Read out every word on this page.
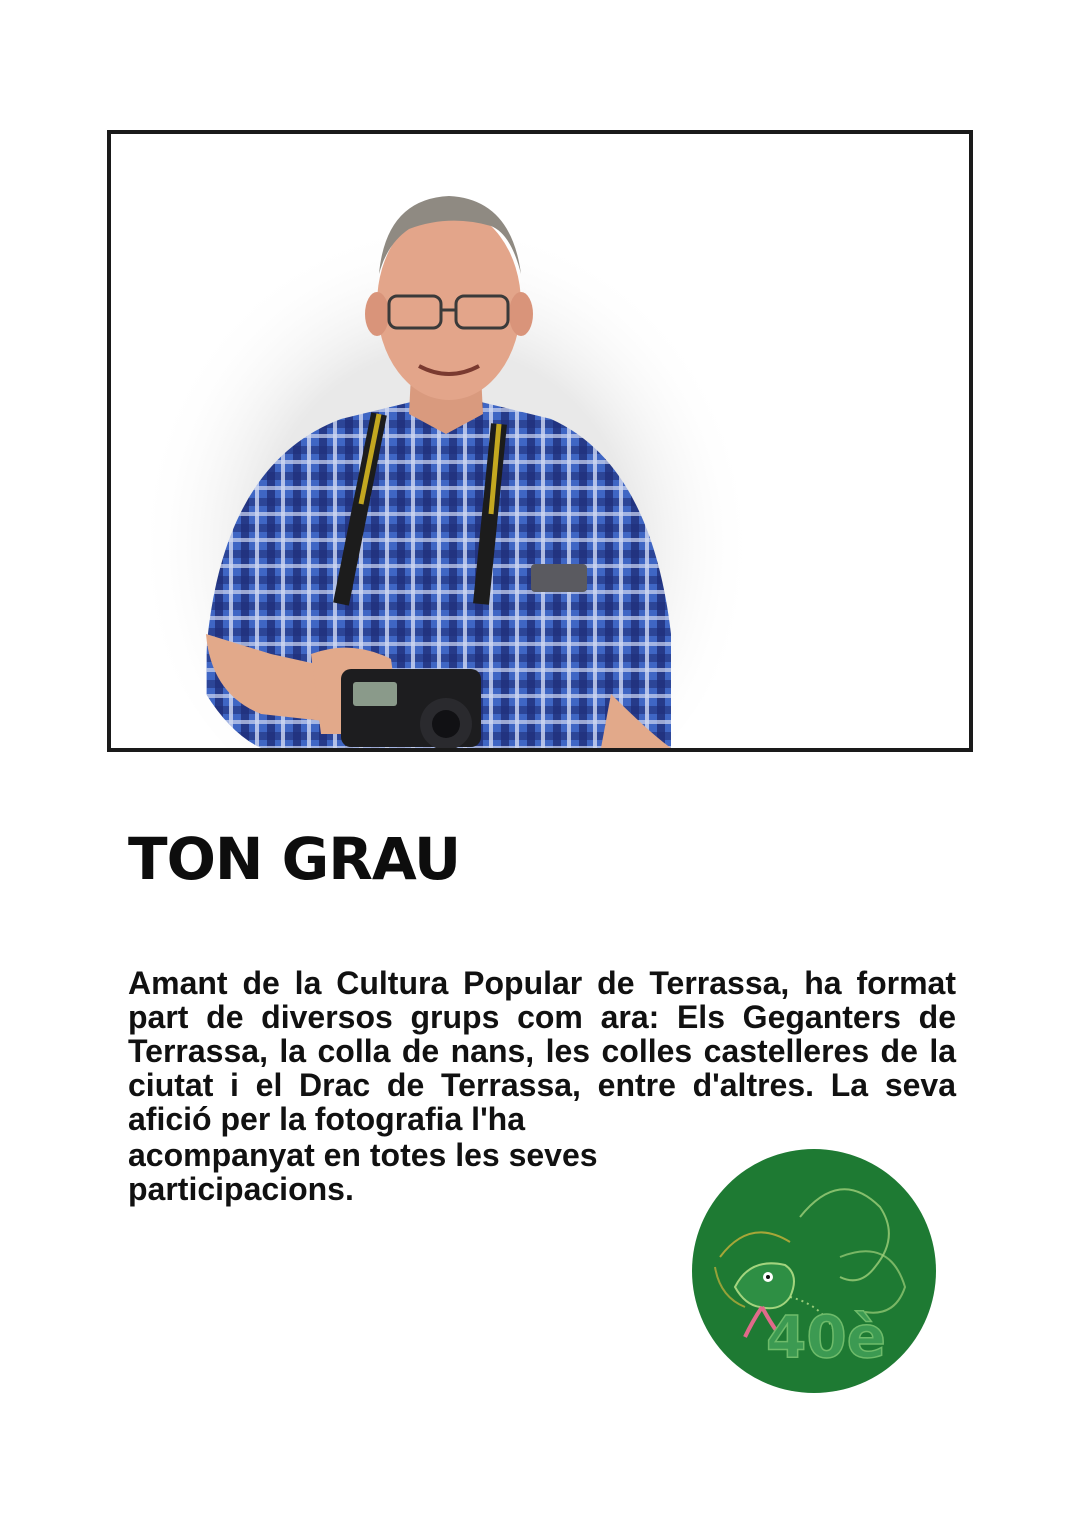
TON GRAU
Amant de la Cultura Popular de Terrassa, ha format part de diversos grups com ara: Els Geganters de Terrassa, la colla de nans, les colles castelleres de la ciutat i el Drac de Terrassa, entre d'altres. La seva afició per la fotografia l'ha
acompanyat en totes les seves participacions.
40è
